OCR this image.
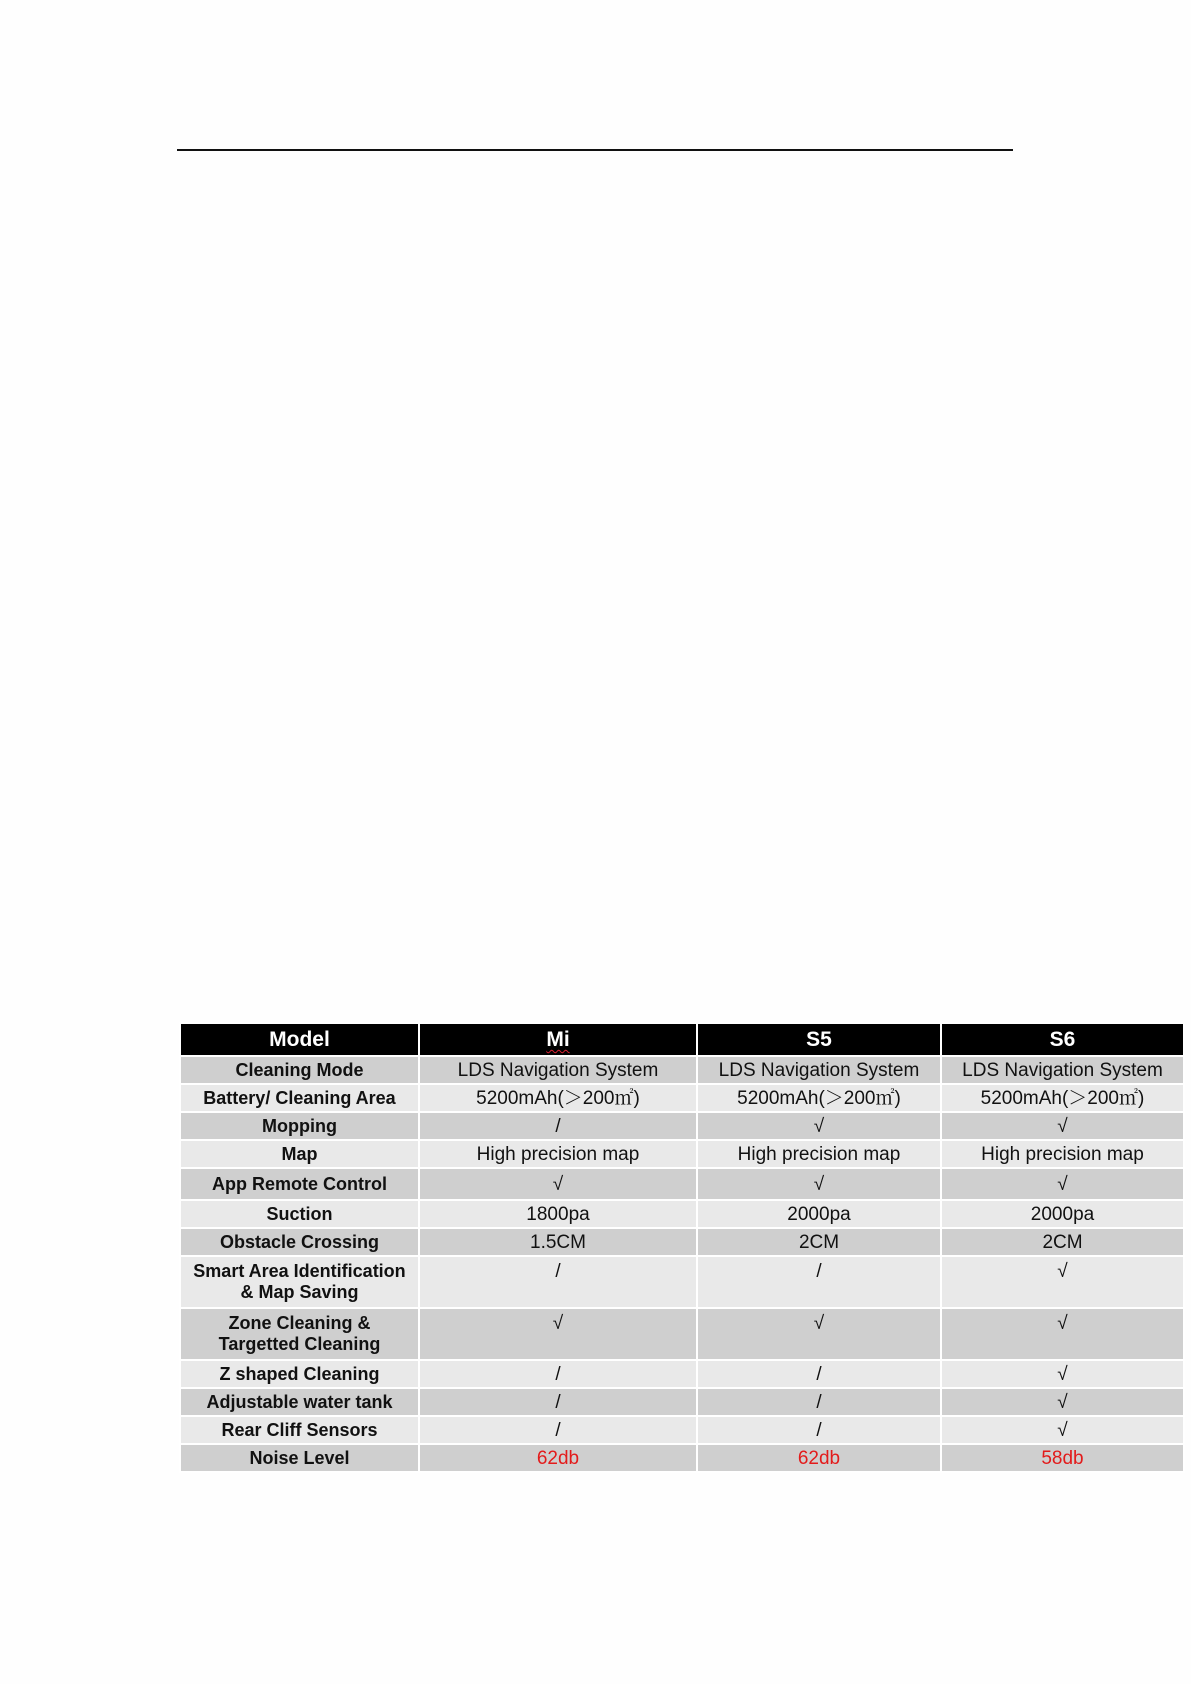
Model	Mi	S5	S6
Cleaning Mode	LDS Navigation System	LDS Navigation System	LDS Navigation System
Battery/ Cleaning Area	5200mAh(＞200㎡)	5200mAh(＞200㎡)	5200mAh(＞200㎡)
Mopping	/	√	√
Map	High precision map	High precision map	High precision map
App Remote Control	√	√	√
Suction	1800pa	2000pa	2000pa
Obstacle Crossing	1.5CM	2CM	2CM
Smart Area Identification
& Map Saving	/	/	√
Zone Cleaning &
Targetted Cleaning	√	√	√
Z shaped Cleaning	/	/	√
Adjustable water tank	/	/	√
Rear Cliff Sensors	/	/	√
Noise Level	62db	62db	58db
